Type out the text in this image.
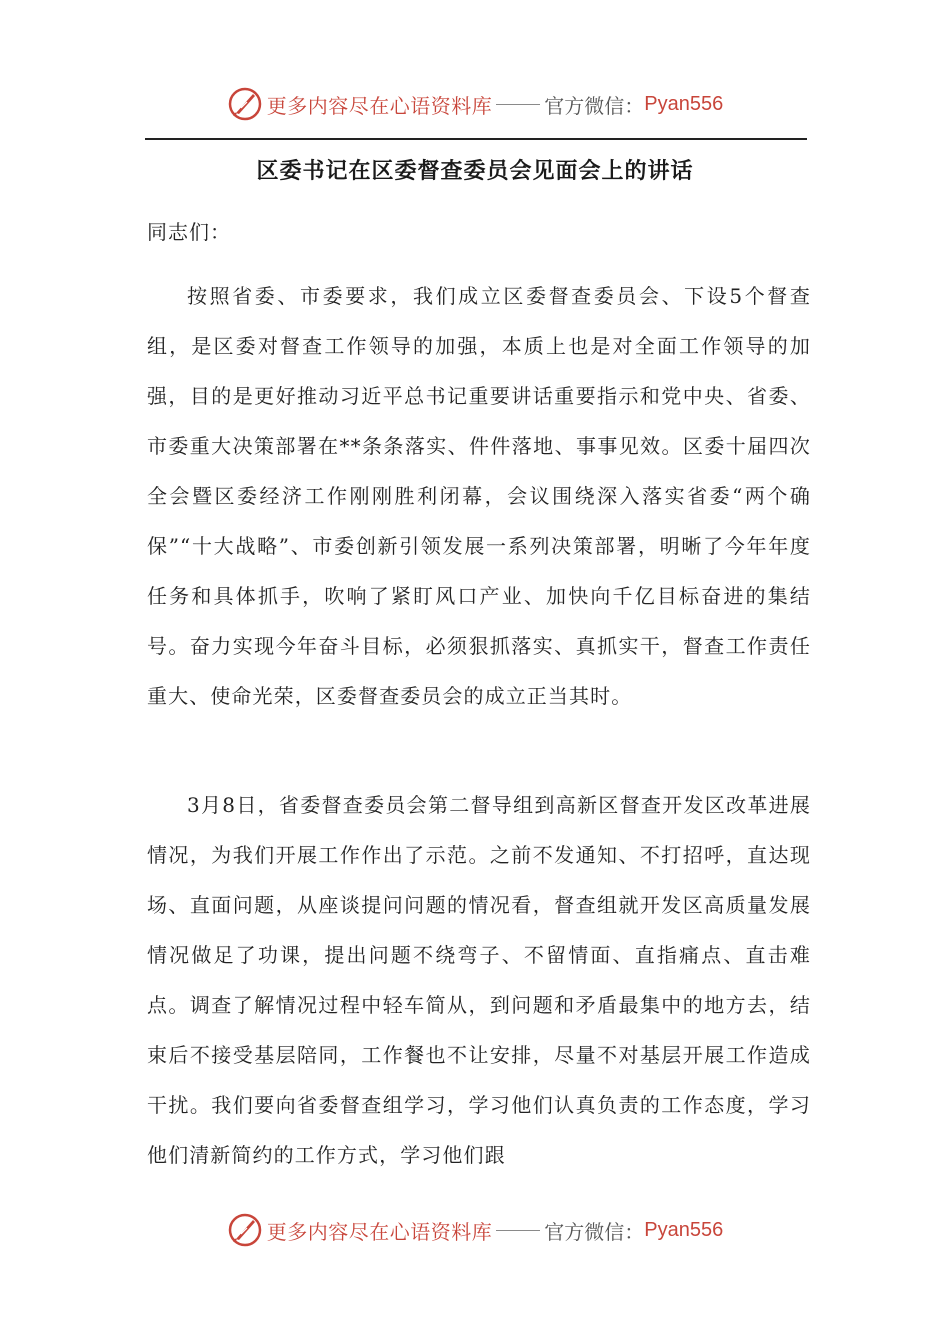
更多内容尽在心语资料库	官方微信： Pyan556
区委书记在区委督查委员会见面会上的讲话
同志们：

按照省委、市委要求，我们成立区委督查委员会、下设5个督查组，是区委对督查工作领导的加强，本质上也是对全面工作领导的加强，目的是更好推动习近平总书记重要讲话重要指示和党中央、省委、市委重大决策部署在**条条落实、件件落地、事事见效。区委十届四次全会暨区委经济工作刚刚胜利闭幕，会议围绕深入落实省委“两个确保”“十大战略”、市委创新引领发展一系列决策部署，明晰了今年年度任务和具体抓手，吹响了紧盯风口产业、加快向千亿目标奋进的集结号。奋力实现今年奋斗目标，必须狠抓落实、真抓实干，督查工作责任重大、使命光荣，区委督查委员会的成立正当其时。

3月8日，省委督查委员会第二督导组到高新区督查开发区改革进展情况，为我们开展工作作出了示范。之前不发通知、不打招呼，直达现场、直面问题，从座谈提问问题的情况看，督查组就开发区高质量发展情况做足了功课，提出问题不绕弯子、不留情面、直指痛点、直击难点。调查了解情况过程中轻车简从，到问题和矛盾最集中的地方去，结束后不接受基层陪同，工作餐也不让安排，尽量不对基层开展工作造成干扰。我们要向省委督查组学习，学习他们认真负责的工作态度，学习他们清新简约的工作方式，学习他们跟

更多内容尽在心语资料库	官方微信： Pyan556
